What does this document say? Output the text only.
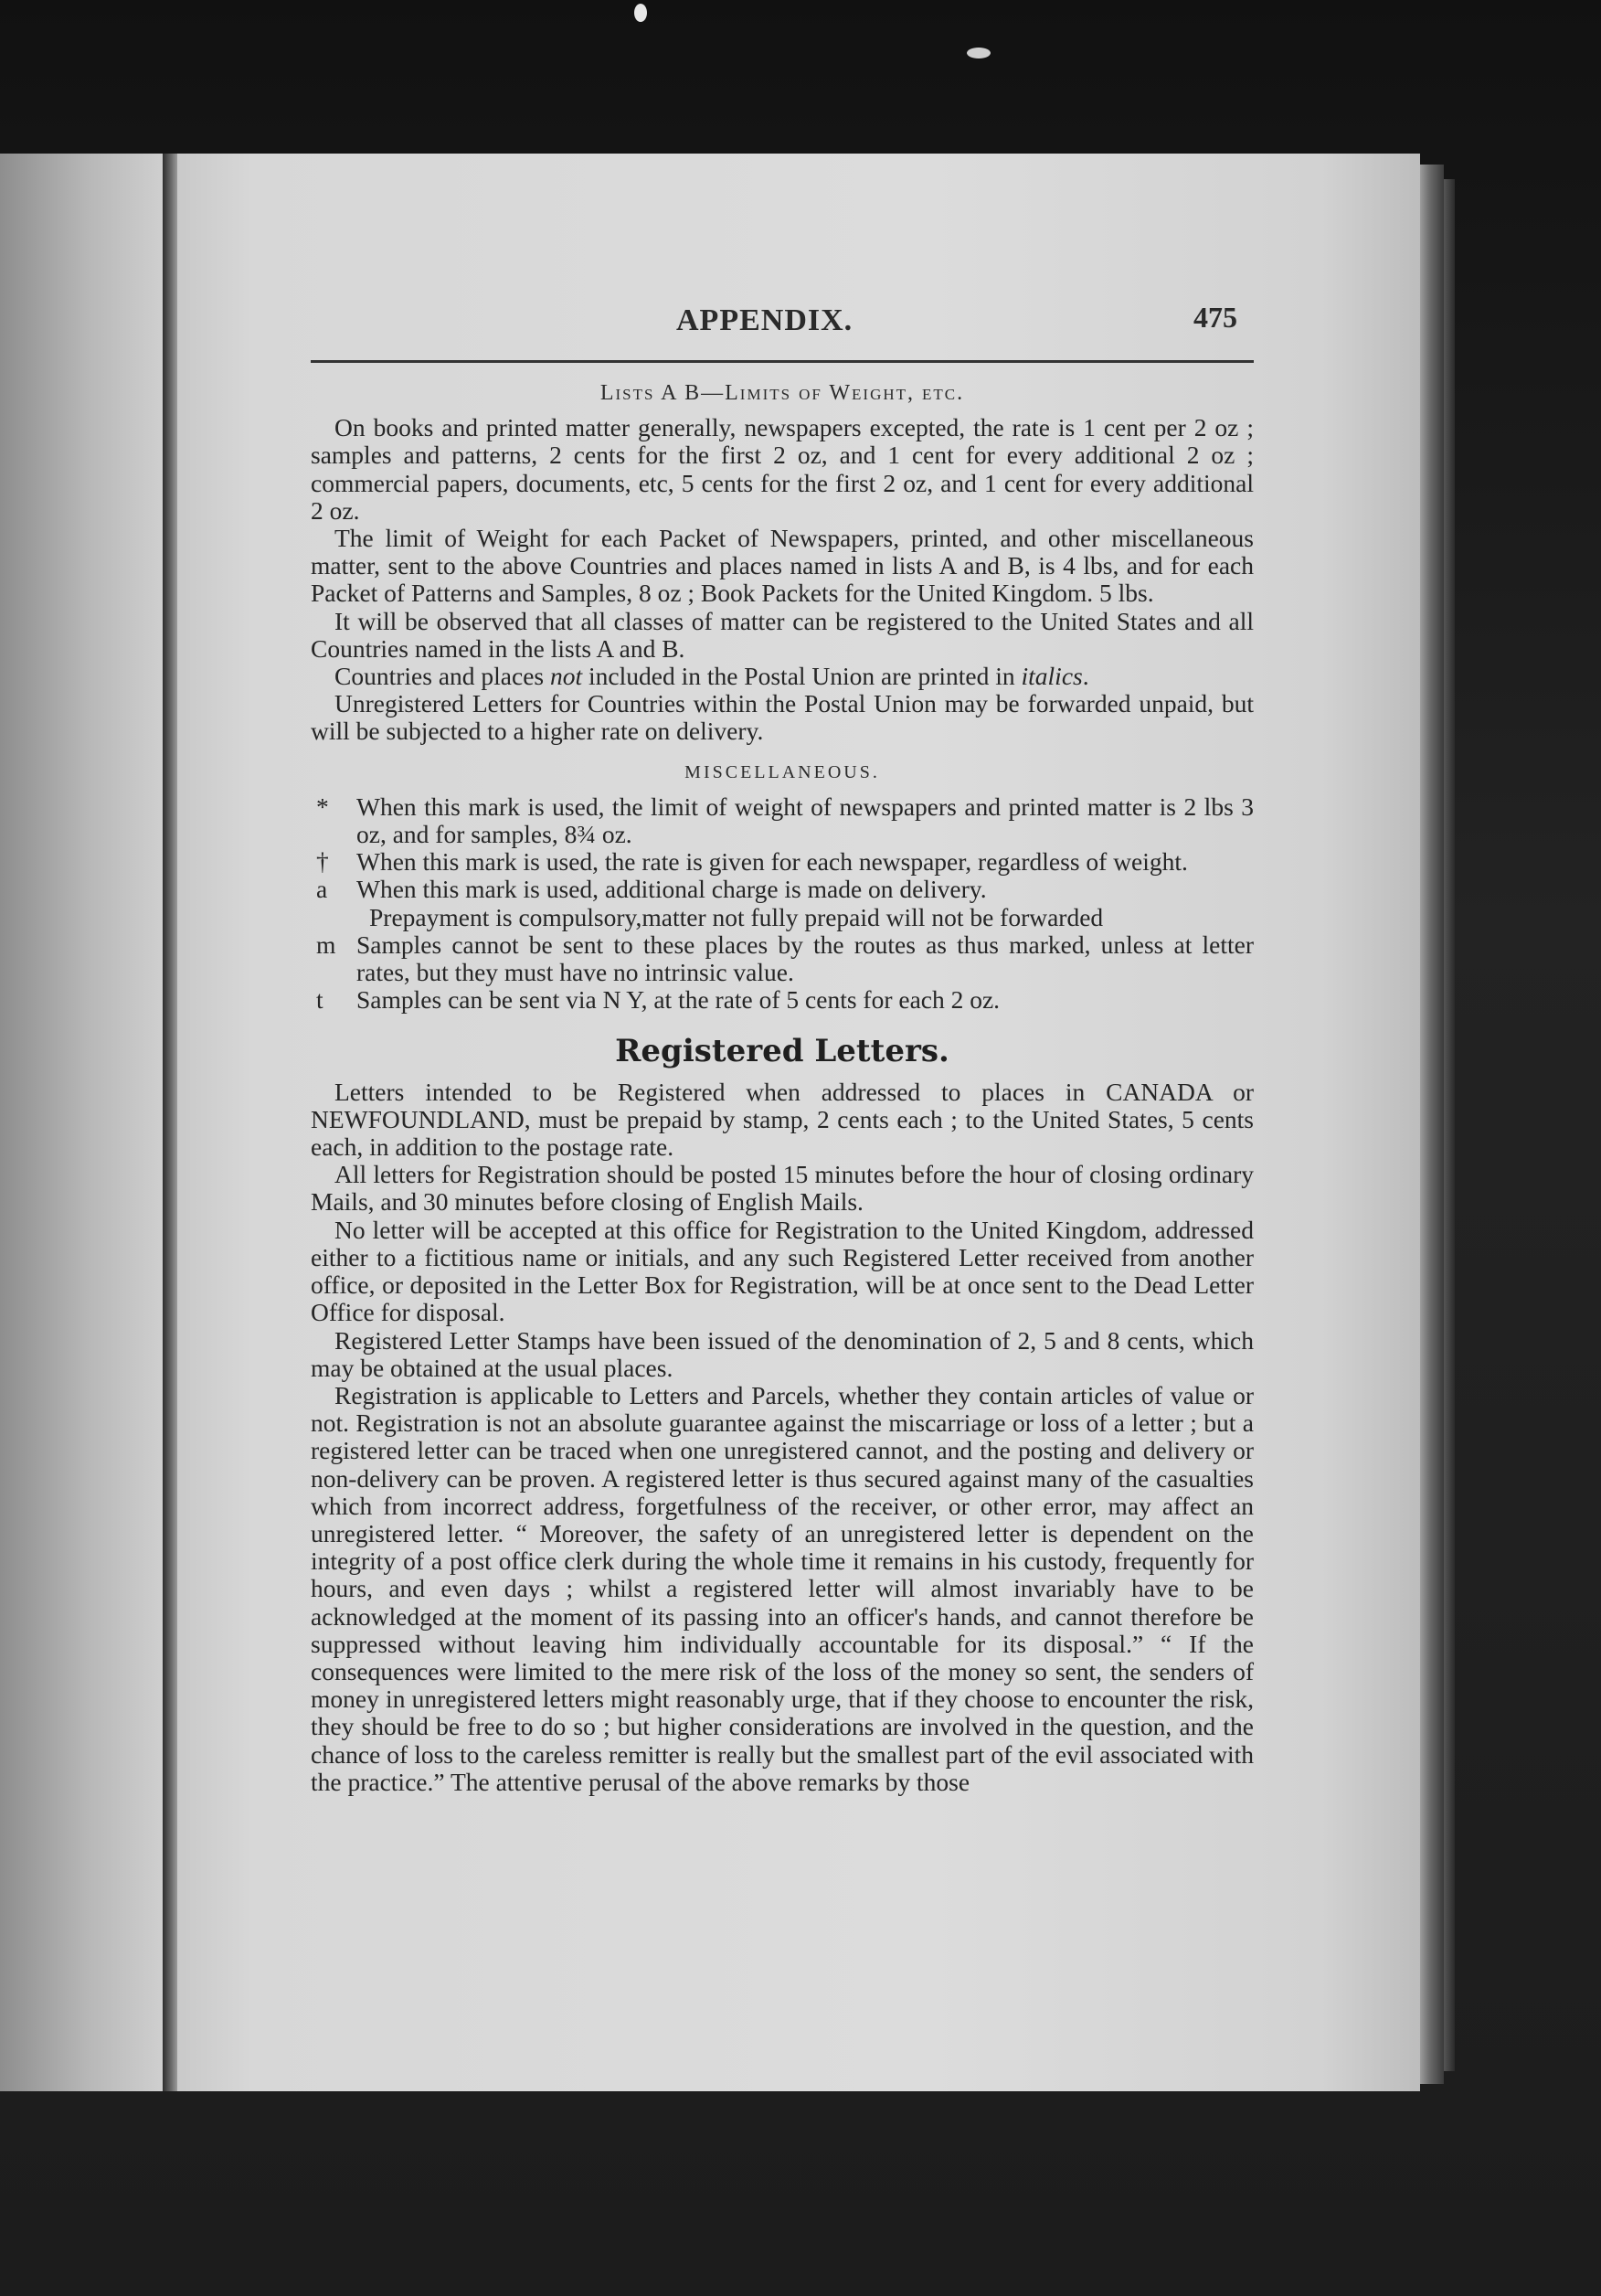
APPENDIX.	475
Lists A B—Limits of Weight, etc.

On books and printed matter generally, newspapers excepted, the rate is 1 cent per 2 oz ; samples and patterns, 2 cents for the first 2 oz, and 1 cent for every additional 2 oz ; commercial papers, documents, etc, 5 cents for the first 2 oz, and 1 cent for every additional 2 oz.

The limit of Weight for each Packet of Newspapers, printed, and other miscellaneous matter, sent to the above Countries and places named in lists A and B, is 4 lbs, and for each Packet of Patterns and Samples, 8 oz ; Book Packets for the United Kingdom. 5 lbs.

It will be observed that all classes of matter can be registered to the United States and all Countries named in the lists A and B.

Countries and places not included in the Postal Union are printed in italics.

Unregistered Letters for Countries within the Postal Union may be forwarded unpaid, but will be subjected to a higher rate on delivery.

MISCELLANEOUS.
*	When this mark is used, the limit of weight of newspapers and printed matter is 2 lbs 3 oz, and for samples, 8¾ oz.
†	When this mark is used, the rate is given for each newspaper, regardless of weight.
a	When this mark is used, additional charge is made on delivery.

Prepayment is compulsory,matter not fully prepaid will not be forwarded

m Samples cannot be sent to these places by the routes as thus marked, unless at letter rates, but they must have no intrinsic value.
t	Samples can be sent via N Y, at the rate of 5 cents for each 2 oz.
Registered Letters.

Letters intended to be Registered when addressed to places in CANADA or NEWFOUNDLAND, must be prepaid by stamp, 2 cents each ; to the United States, 5 cents each, in addition to the postage rate.

All letters for Registration should be posted 15 minutes before the hour of closing ordinary Mails, and 30 minutes before closing of English Mails.

No letter will be accepted at this office for Registration to the United Kingdom, addressed either to a fictitious name or initials, and any such Registered Letter received from another office, or deposited in the Letter Box for Registration, will be at once sent to the Dead Letter Office for disposal.

Registered Letter Stamps have been issued of the denomination of 2, 5 and 8 cents, which may be obtained at the usual places.

Registration is applicable to Letters and Parcels, whether they contain articles of value or not. Registration is not an absolute guarantee against the miscarriage or loss of a letter ; but a registered letter can be traced when one unregistered cannot, and the posting and delivery or non-delivery can be proven. A registered letter is thus secured against many of the casualties which from incorrect address, forgetfulness of the receiver, or other error, may affect an unregistered letter. “ Moreover, the safety of an unregistered letter is dependent on the integrity of a post office clerk during the whole time it remains in his custody, frequently for hours, and even days ; whilst a registered letter will almost invariably have to be acknowledged at the moment of its passing into an officer's hands, and cannot therefore be suppressed without leaving him individually accountable for its disposal.” “ If the consequences were limited to the mere risk of the loss of the money so sent, the senders of money in unregistered letters might reasonably urge, that if they choose to encounter the risk, they should be free to do so ; but higher considerations are involved in the question, and the chance of loss to the careless remitter is really but the smallest part of the evil associated with the practice.” The attentive perusal of the above remarks by those
